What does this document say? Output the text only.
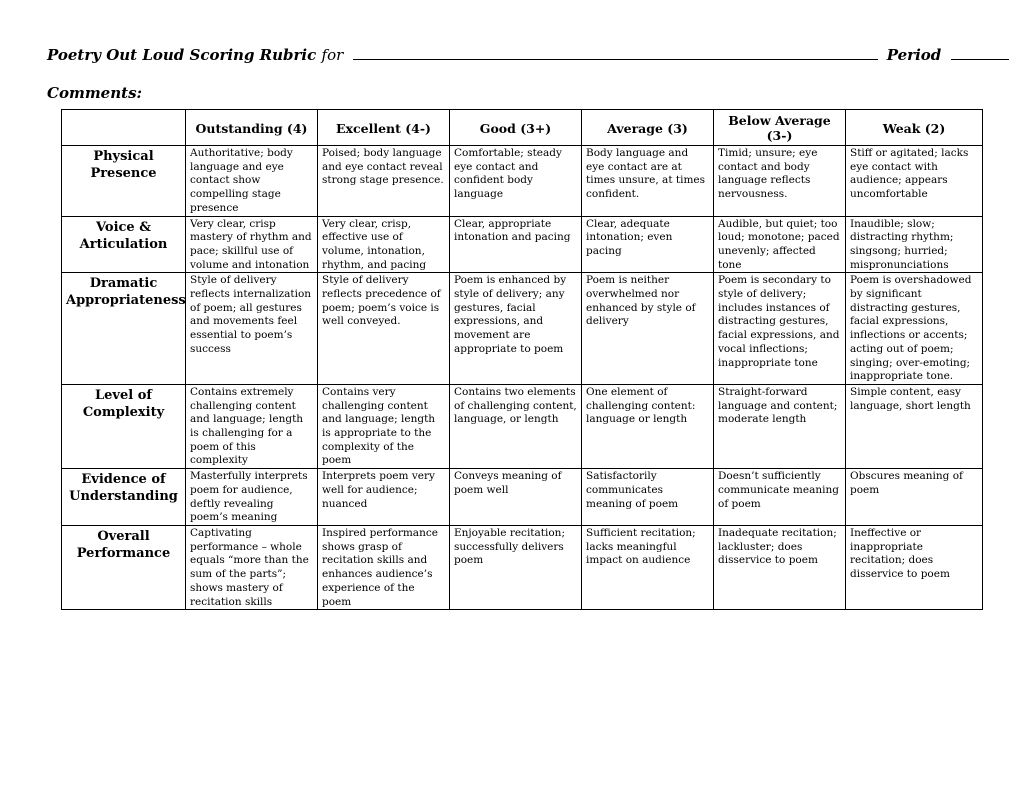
Poetry Out Loud Scoring Rubric for	Period
Comments:
	Outstanding (4)	Excellent (4-)	Good (3+)	Average (3)	Below Average (3-)	Weak (2)
Physical Presence	Authoritative; body language and eye contact show compelling stage presence	Poised; body language and eye contact reveal strong stage presence.	Comfortable; steady eye contact and confident body language	Body language and eye contact are at times unsure, at times confident.	Timid; unsure; eye contact and body language reflects nervousness.	Stiff or agitated; lacks eye contact with audience; appears uncomfortable
Voice & Articulation	Very clear, crisp mastery of rhythm and pace; skillful use of volume and intonation	Very clear, crisp, effective use of volume, intonation, rhythm, and pacing	Clear, appropriate intonation and pacing	Clear, adequate intonation; even pacing	Audible, but quiet; too loud; monotone; paced unevenly; affected tone	Inaudible; slow; distracting rhythm; singsong; hurried; mispronunciations
Dramatic Appropriateness	Style of delivery reflects internalization of poem; all gestures and movements feel essential to poem’s success	Style of delivery reflects precedence of poem; poem’s voice is well conveyed.	Poem is enhanced by style of delivery; any gestures, facial expressions, and movement are appropriate to poem	Poem is neither overwhelmed nor enhanced by style of delivery	Poem is secondary to style of delivery; includes instances of distracting gestures, facial expressions, and vocal inflections; inappropriate tone	Poem is overshadowed by significant distracting gestures, facial expressions, inflections or accents; acting out of poem; singing; over-emoting; inappropriate tone.
Level of Complexity	Contains extremely challenging content and language; length is challenging for a poem of this complexity	Contains very challenging content and language; length is appropriate to the complexity of the poem	Contains two elements of challenging content, language, or length	One element of challenging content: language or length	Straight-forward language and content; moderate length	Simple content, easy language, short length
Evidence of Understanding	Masterfully interprets poem for audience, deftly revealing poem’s meaning	Interprets poem very well for audience; nuanced	Conveys meaning of poem well	Satisfactorily communicates meaning of poem	Doesn’t sufficiently communicate meaning of poem	Obscures meaning of poem
Overall Performance	Captivating performance – whole equals “more than the sum of the parts”; shows mastery of recitation skills	Inspired performance shows grasp of recitation skills and enhances audience’s experience of the poem	Enjoyable recitation; successfully delivers poem	Sufficient recitation; lacks meaningful impact on audience	Inadequate recitation; lackluster; does disservice to poem	Ineffective or inappropriate recitation; does disservice to poem
